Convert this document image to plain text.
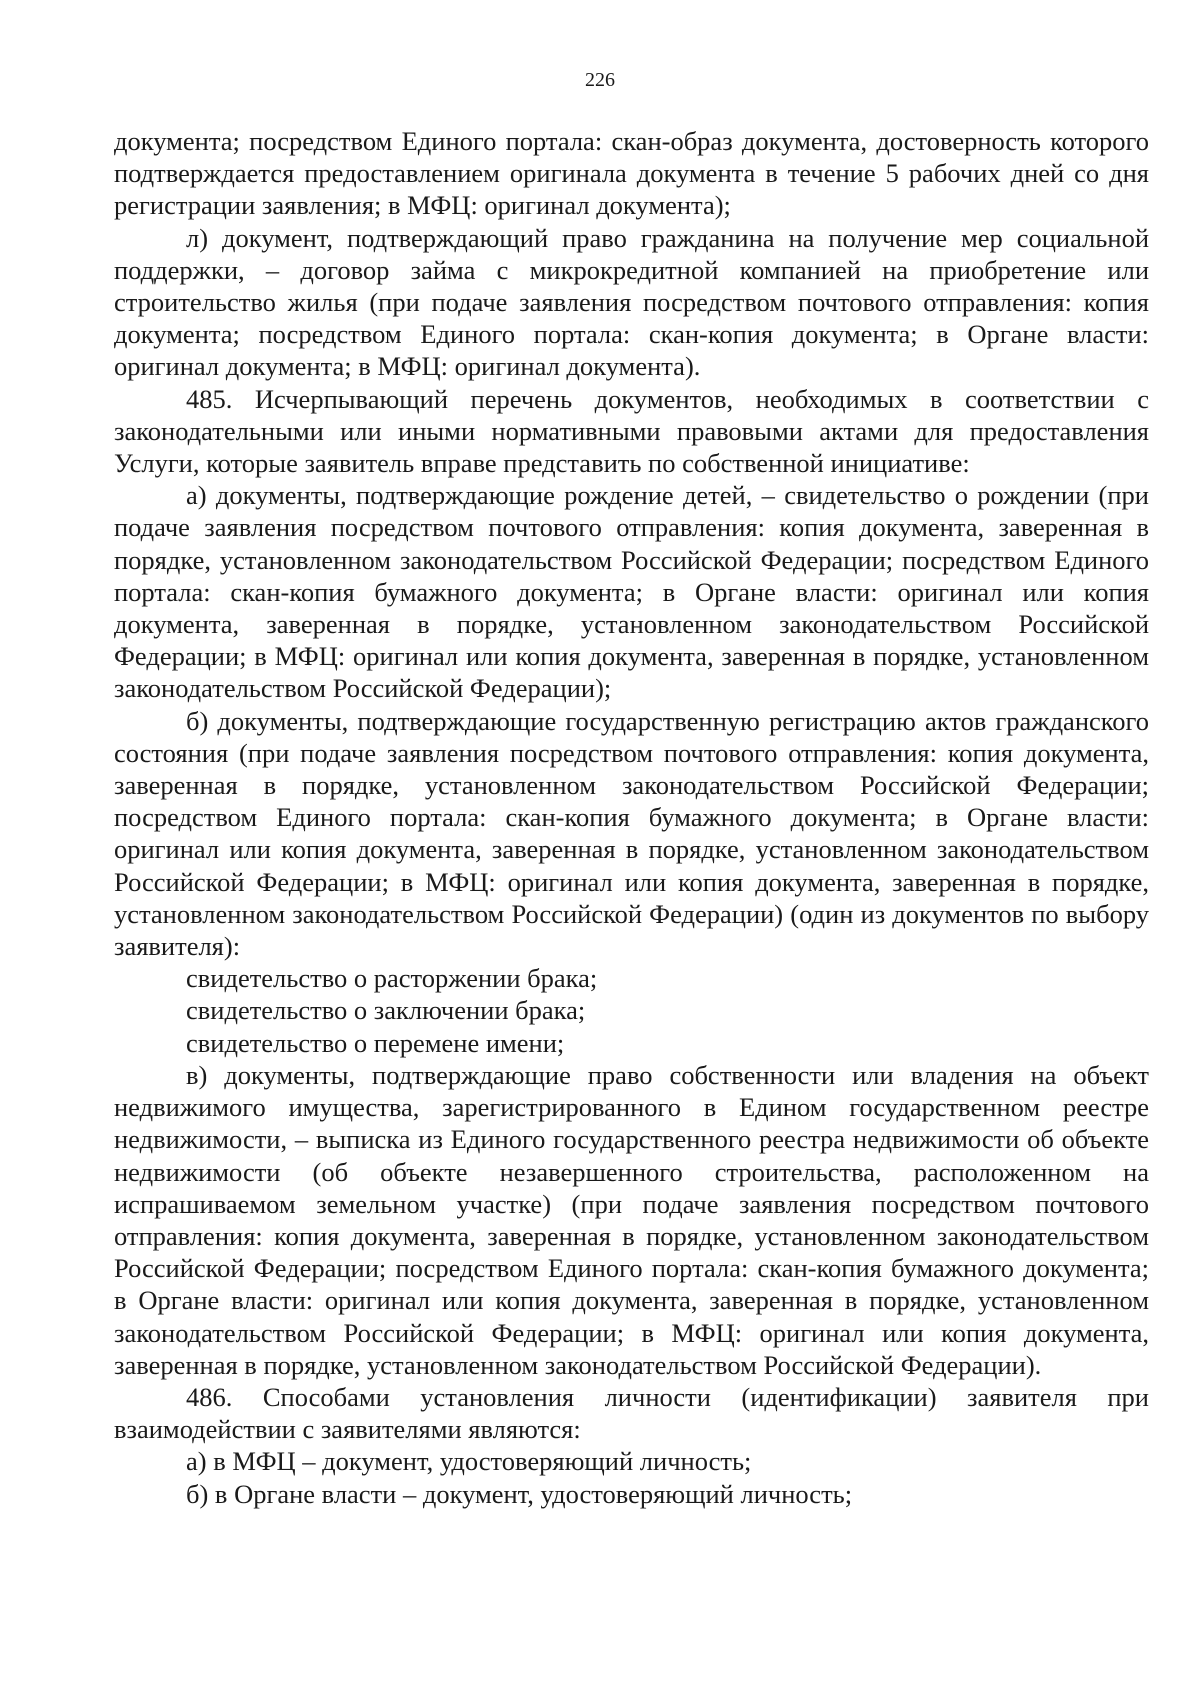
226

документа; посредством Единого портала: скан-образ документа, достоверность которого подтверждается предоставлением оригинала документа в течение 5 рабочих дней со дня регистрации заявления; в МФЦ: оригинал документа);

л) документ, подтверждающий право гражданина на получение мер социальной поддержки, – договор займа с микрокредитной компанией на приобретение или строительство жилья (при подаче заявления посредством почтового отправления: копия документа; посредством Единого портала: скан-копия документа; в Органе власти: оригинал документа; в МФЦ: оригинал документа).

485. Исчерпывающий перечень документов, необходимых в соответствии с законодательными или иными нормативными правовыми актами для предоставления Услуги, которые заявитель вправе представить по собственной инициативе:

а) документы, подтверждающие рождение детей, – свидетельство о рождении (при подаче заявления посредством почтового отправления: копия документа, заверенная в порядке, установленном законодательством Российской Федерации; посредством Единого портала: скан-копия бумажного документа; в Органе власти: оригинал или копия документа, заверенная в порядке, установленном законодательством Российской Федерации; в МФЦ: оригинал или копия документа, заверенная в порядке, установленном законодательством Российской Федерации);

б) документы, подтверждающие государственную регистрацию актов гражданского состояния (при подаче заявления посредством почтового отправления: копия документа, заверенная в порядке, установленном законодательством Российской Федерации; посредством Единого портала: скан-копия бумажного документа; в Органе власти: оригинал или копия документа, заверенная в порядке, установленном законодательством Российской Федерации; в МФЦ: оригинал или копия документа, заверенная в порядке, установленном законодательством Российской Федерации) (один из документов по выбору заявителя):

свидетельство о расторжении брака;

свидетельство о заключении брака;

свидетельство о перемене имени;

в) документы, подтверждающие право собственности или владения на объект недвижимого имущества, зарегистрированного в Едином государственном реестре недвижимости, – выписка из Единого государственного реестра недвижимости об объекте недвижимости (об объекте незавершенного строительства, расположенном на испрашиваемом земельном участке) (при подаче заявления посредством почтового отправления: копия документа, заверенная в порядке, установленном законодательством Российской Федерации; посредством Единого портала: скан-копия бумажного документа; в Органе власти: оригинал или копия документа, заверенная в порядке, установленном законодательством Российской Федерации; в МФЦ: оригинал или копия документа, заверенная в порядке, установленном законодательством Российской Федерации).

486. Способами установления личности (идентификации) заявителя при взаимодействии с заявителями являются:

а) в МФЦ – документ, удостоверяющий личность;

б) в Органе власти – документ, удостоверяющий личность;
